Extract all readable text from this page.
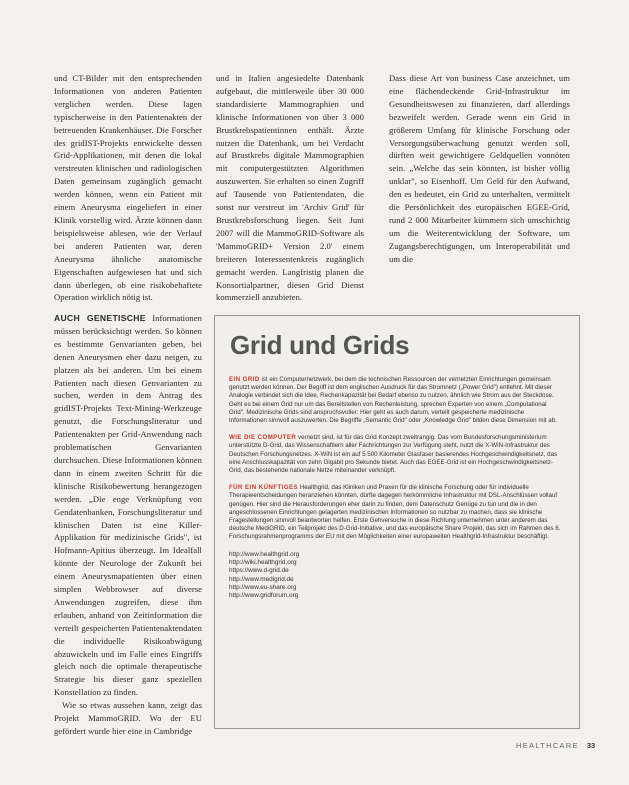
und CT-Bilder mit den entsprechenden Informationen von anderen Patienten verglichen werden. Diese lagen typischerweise in den Patientenakten der betreuenden Krankenhäuser. Die Forscher des gridIST-Projekts entwickelte dessen Grid-Applikationen, mit denen die lokal verstreuten klinischen und radiologischen Daten gemeinsam zugänglich gemacht werden können, wenn ein Patient mit einem Aneurysma eingeliefert in einer Klinik vorstellig wird. Ärzte können dann beispielsweise ablesen, wie der Verlauf bei anderen Patienten war, deren Aneurysma ähnliche anatomische Eigenschaften aufgewiesen hat und sich dann überlegen, ob eine risikobehaftete Operation wirklich nötig ist.

und in Italien angesiedelte Datenbank aufgebaut, die mittlerweile über 30 000 standardisierte Mammographien und klinische Informationen von über 3 000 Brustkrebspatientinnen enthält. Ärzte nutzen die Datenbank, um bei Verdacht auf Brustkrebs digitale Mammographien mit computergestützten Algorithmen auszuwerten. Sie erhalten so einen Zugriff auf Tausende von Patientendaten, die sonst nur verstreut im 'Archiv Grid' für Brustkrebsforschung liegen. Seit Juni 2007 will die MammoGRID-Software als 'MammoGRID+ Version 2.0' einem breiteren Interessentenkreis zugänglich gemacht werden. Langfristig planen die Konsortialpartner, diesen Grid Dienst kommerziell anzubieten.

Dass diese Art von business Case anzeichnet, um eine flächendeckende Grid-Infrastruktur im Gesundheitswesen zu finanzieren, darf allerdings bezweifelt werden. Gerade wenn ein Grid in größerem Umfang für klinische Forschung oder Versorgungsüberwachung genutzt werden soll, dürften weit gewichtigere Geldquellen vonnöten sein. „Welche das sein könnten, ist bisher völlig unklar", so Eisenhoff. Um Geld für den Aufwand, den es bedeutet, ein Grid zu unterhalten, vermittelt die Persönlichkeit des europäischen EGEE-Grid, rund 2 000 Mitarbeiter kümmern sich umschichtig um die Weiterentwicklung der Software, um Zugangsberechtigungen, um Interoperabilität und um die

AUCH GENETISCHE Informationen müssen berücksichtigt werden. So können es bestimmte Genvarianten geben, bei denen Aneurysmen eher dazu neigen, zu platzen als bei anderen. Um bei einem Patienten nach diesen Genvarianten zu suchen, werden in dem Antrag des gridIST-Projekts Text-Mining-Werkzeuge genutzt, die Forschungsliteratur und Patientenakten per Grid-Anwendung nach problematischen Genvarianten durchsuchen. Diese Informationen können dann in einem zweiten Schritt für die klinische Risikobewertung herangezogen werden. „Die enge Verknüpfung von Gendatenbanken, Forschungsliteratur und klinischen Daten ist eine Killer-Applikation für medizinische Grids", ist Hofmann-Apitius überzeugt. Im Idealfall könnte der Neurologe der Zukunft bei einem Aneurysmapatienten über einen simplen Webbrowser auf diverse Anwendungen zugreifen, diese ihm erlauben, anhand von Zeitinformation die verteilt gespeicherten Patientenaktendaten die individuelle Risikoabwägung abzuwickeln und im Falle eines Eingriffs gleich noch die optimale therapeutische Strategie bis dieser ganz speziellen Konstellation zu finden.

Wie so etwas aussehen kann, zeigt das Projekt MammoGRID. Wo der EU gefördert wurde hier eine in Cambridge

Grid und Grids

EIN GRID ist ein Computernetzwerk, bei dem die technischen Ressourcen der vernetzten Einrichtungen gemeinsam genutzt werden können. Der Begriff ist dem englischen Ausdruck für das Stromnetz („Power Grid") entlehnt. Mit dieser Analogie verbindet sich die Idee, Rechenkapazität bei Bedarf ebenso zu nutzen, ähnlich wie Strom aus der Steckdose. Geht es bei einem Grid nur um das Bereitstellen von Rechenleistung, sprechen Experten von einem „Computational Grid". Medizinische Grids sind anspruchsvoller: Hier geht es auch darum, verteilt gespeicherte medizinische Informationen sinnvoll auszuwerten. Die Begriffe „Semantic Grid" oder „Knowledge Grid" bilden diese Dimension mit ab.

WIE DIE COMPUTER vernetzt sind, ist für das Grid Konzept zweitrangig. Das vom Bundesforschungsministerium unterstützte D-Grid, das Wissenschaftlern aller Fachrichtungen zur Verfügung steht, nutzt die X-WiN-Infrastruktur des Deutschen Forschungsnetzes. X-WiN ist ein auf 5 500 Kilometer Glasfaser basierendes Hochgeschwindigkeitsnetz, das eine Anschlusskapazität von zehn Gigabit pro Sekunde bietet. Auch das EGEE-Grid ist ein Hochgeschwindigkeitsnetz-Grid, das bestehende nationale Netze miteinander verknüpft.

FÜR EIN KÜNFTIGES Healthgrid, das Kliniken und Praxen für die klinische Forschung oder für individuelle Therapieentscheidungen heranziehen könnten, dürfte dagegen herkömmliche Infrastruktur mit DSL-Anschlüssen vollauf genügen. Hier sind die Herausforderungen eher darin zu finden, dem Datenschutz Genüge zu tun und die in den angeschlossenen Einrichtungen gelagerten medizinischen Informationen so nutzbar zu machen, dass sie klinische Fragestellungen sinnvoll beantworten helfen. Erste Gehversuche in diese Richtung unternehmen unter anderem das deutsche MediGRID, ein Teilprojekt des D-Grid-Initiative, und das europäische Share Projekt, das sich im Rahmen des 6. Forschungsrahmenprogramms der EU mit den Möglichkeiten einer europaweiten Healthgrid-Infrastruktur beschäftigt.

http://www.healthgrid.org
http://wiki.healthgrid.org
https://www.d-grid.de
http://www.medigrid.de
http://www.eu-share.org
http://www.gridforum.org
HEALTHCARE 33
